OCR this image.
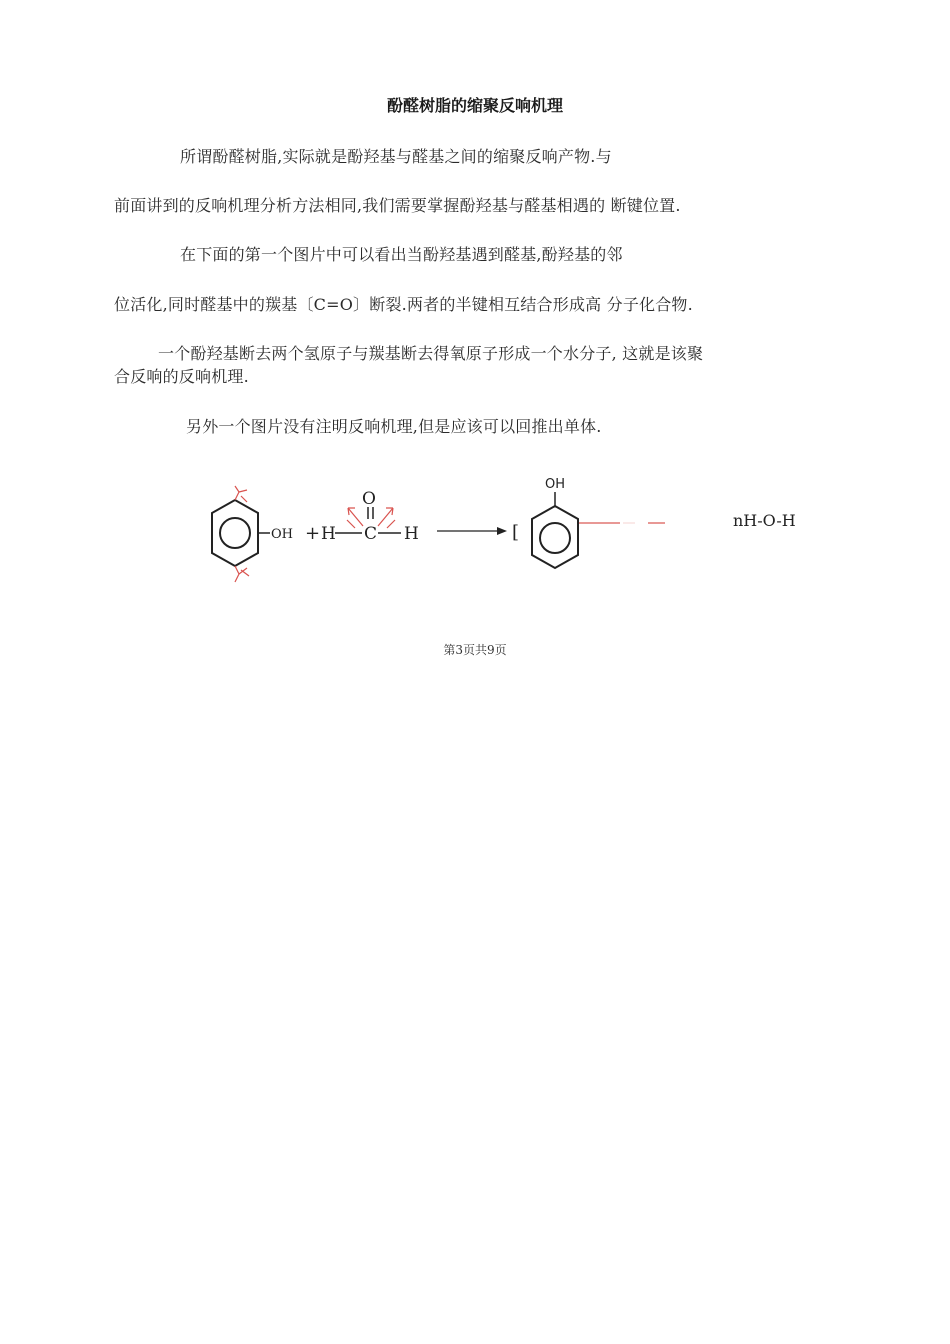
酚醛树脂的缩聚反响机理
所谓酚醛树脂,实际就是酚羟基与醛基之间的缩聚反响产物.与
前面讲到的反响机理分析方法相同,我们需要掌握酚羟基与醛基相遇的 断键位置.
在下面的第一个图片中可以看出当酚羟基遇到醛基,酚羟基的邻
位活化,同时醛基中的羰基〔C=O〕断裂.两者的半键相互结合形成高 分子化合物.
一个酚羟基断去两个氢原子与羰基断去得氧原子形成一个水分子, 这就是该聚
合反响的反响机理.
另外一个图片没有注明反响机理,但是应该可以回推出单体.
OH + H C H
O
[
OH
nH-O-H
第3页共9页
